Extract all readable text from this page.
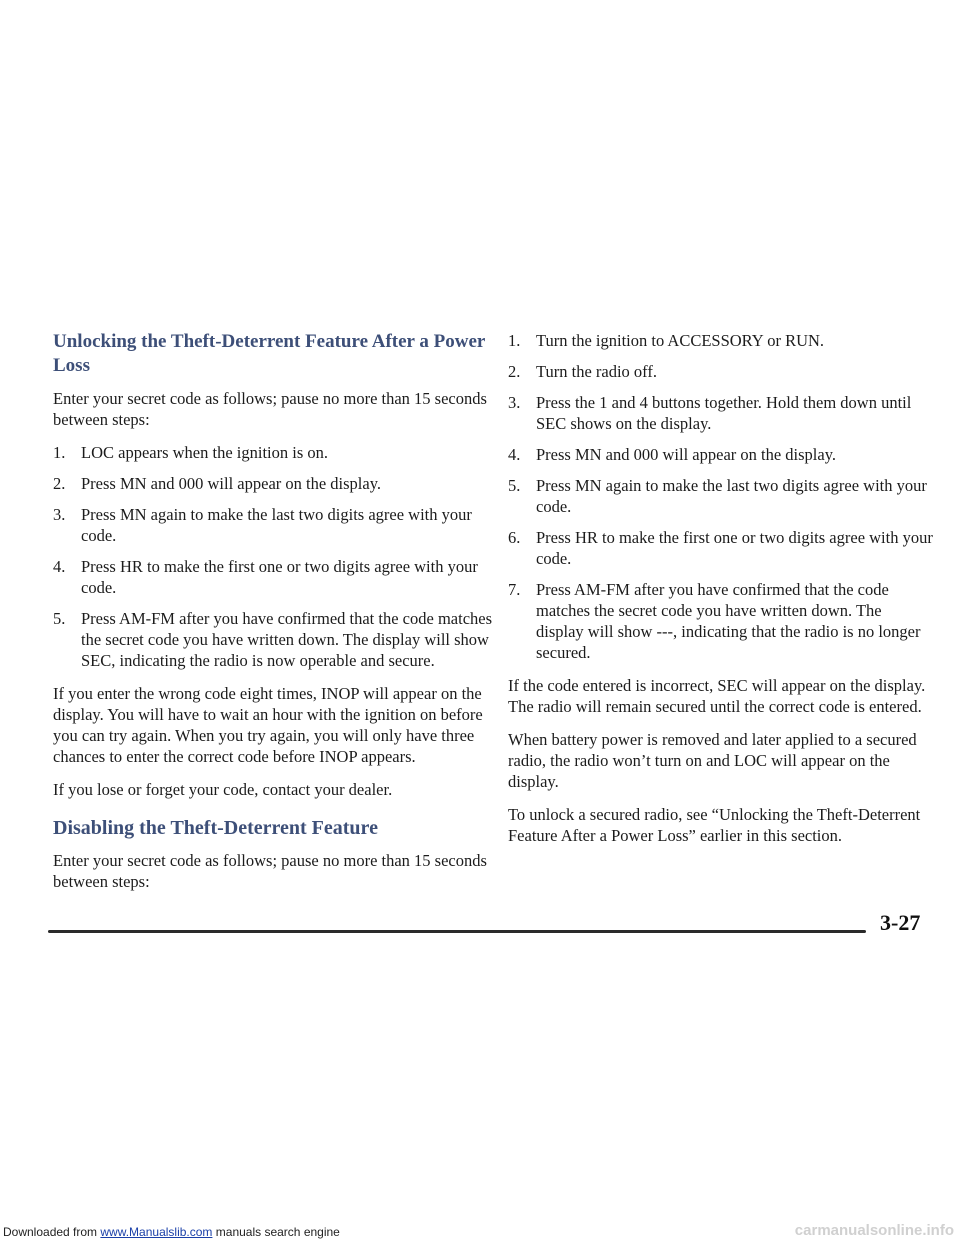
Unlocking the Theft-Deterrent Feature After a Power Loss

Enter your secret code as follows; pause no more than 15 seconds between steps:

1. LOC appears when the ignition is on.
2. Press MN and 000 will appear on the display.
3. Press MN again to make the last two digits agree with your code.
4. Press HR to make the first one or two digits agree with your code.
5. Press AM-FM after you have confirmed that the code matches the secret code you have written down. The display will show SEC, indicating the radio is now operable and secure.

If you enter the wrong code eight times, INOP will appear on the display. You will have to wait an hour with the ignition on before you can try again. When you try again, you will only have three chances to enter the correct code before INOP appears.

If you lose or forget your code, contact your dealer.

Disabling the Theft-Deterrent Feature

Enter your secret code as follows; pause no more than 15 seconds between steps:

1. Turn the ignition to ACCESSORY or RUN.
2. Turn the radio off.
3. Press the 1 and 4 buttons together. Hold them down until SEC shows on the display.
4. Press MN and 000 will appear on the display.
5. Press MN again to make the last two digits agree with your code.
6. Press HR to make the first one or two digits agree with your code.
7. Press AM-FM after you have confirmed that the code matches the secret code you have written down. The display will show ---, indicating that the radio is no longer secured.

If the code entered is incorrect, SEC will appear on the display. The radio will remain secured until the correct code is entered.

When battery power is removed and later applied to a secured radio, the radio won’t turn on and LOC will appear on the display.

To unlock a secured radio, see “Unlocking the Theft-Deterrent Feature After a Power Loss” earlier in this section.

3-27
Downloaded from www.Manualslib.com manuals search engine	carmanualsonline.info
